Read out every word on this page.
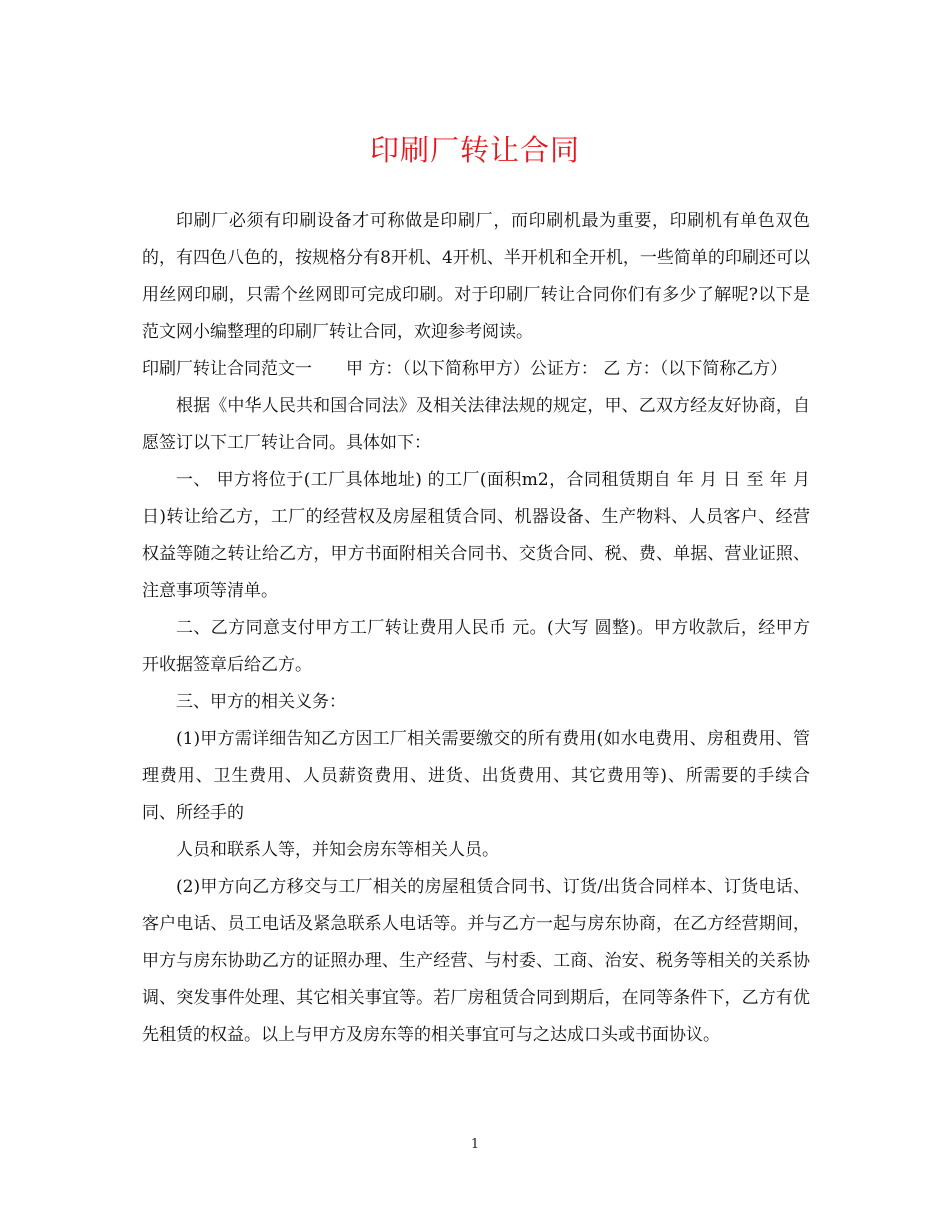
印刷厂转让合同

印刷厂必须有印刷设备才可称做是印刷厂，而印刷机最为重要，印刷机有单色双色的，有四色八色的，按规格分有8开机、4开机、半开机和全开机，一些简单的印刷还可以用丝网印刷，只需个丝网即可完成印刷。对于印刷厂转让合同你们有多少了解呢?以下是范文网小编整理的印刷厂转让合同，欢迎参考阅读。

印刷厂转让合同范文一　　甲 方：（以下简称甲方）公证方： 乙 方：（以下简称乙方）

根据《中华人民共和国合同法》及相关法律法规的规定，甲、乙双方经友好协商，自愿签订以下工厂转让合同。具体如下：

一、 甲方将位于(工厂具体地址) 的工厂(面积m2，合同租赁期自 年 月 日 至 年 月 日)转让给乙方，工厂的经营权及房屋租赁合同、机器设备、生产物料、人员客户、经营权益等随之转让给乙方，甲方书面附相关合同书、交货合同、税、费、单据、营业证照、注意事项等清单。

二、乙方同意支付甲方工厂转让费用人民币 元。(大写 圆整)。甲方收款后，经甲方开收据签章后给乙方。

三、甲方的相关义务：

(1)甲方需详细告知乙方因工厂相关需要缴交的所有费用(如水电费用、房租费用、管理费用、卫生费用、人员薪资费用、进货、出货费用、其它费用等)、所需要的手续合同、所经手的

人员和联系人等，并知会房东等相关人员。

(2)甲方向乙方移交与工厂相关的房屋租赁合同书、订货/出货合同样本、订货电话、客户电话、员工电话及紧急联系人电话等。并与乙方一起与房东协商，在乙方经营期间，甲方与房东协助乙方的证照办理、生产经营、与村委、工商、治安、税务等相关的关系协调、突发事件处理、其它相关事宜等。若厂房租赁合同到期后，在同等条件下，乙方有优先租赁的权益。以上与甲方及房东等的相关事宜可与之达成口头或书面协议。

1
